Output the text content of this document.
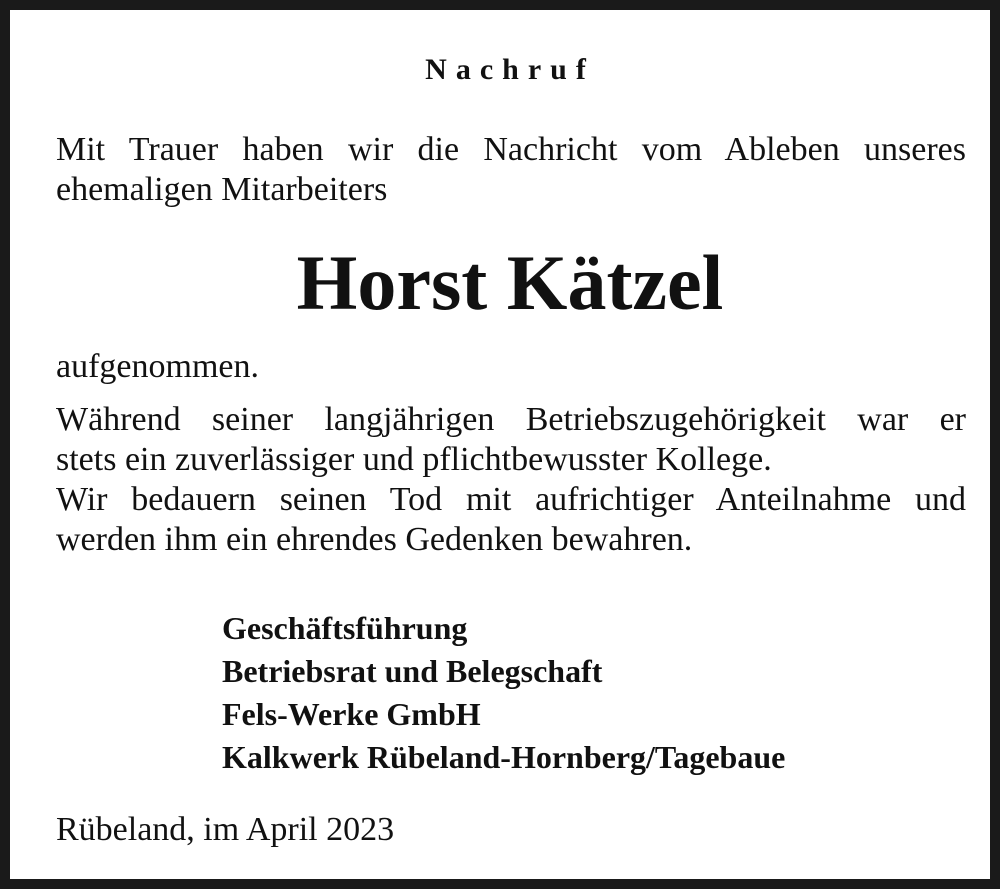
Nachruf

Mit Trauer haben wir die Nachricht vom Ableben unseres
ehemaligen Mitarbeiters

Horst Kätzel

aufgenommen.

Während seiner langjährigen Betriebszugehörigkeit war er
stets ein zuverlässiger und pflichtbewusster Kollege.
Wir bedauern seinen Tod mit aufrichtiger Anteilnahme und
werden ihm ein ehrendes Gedenken bewahren.

Geschäftsführung
Betriebsrat und Belegschaft
Fels-Werke GmbH
Kalkwerk Rübeland-Hornberg/Tagebaue

Rübeland, im April 2023
